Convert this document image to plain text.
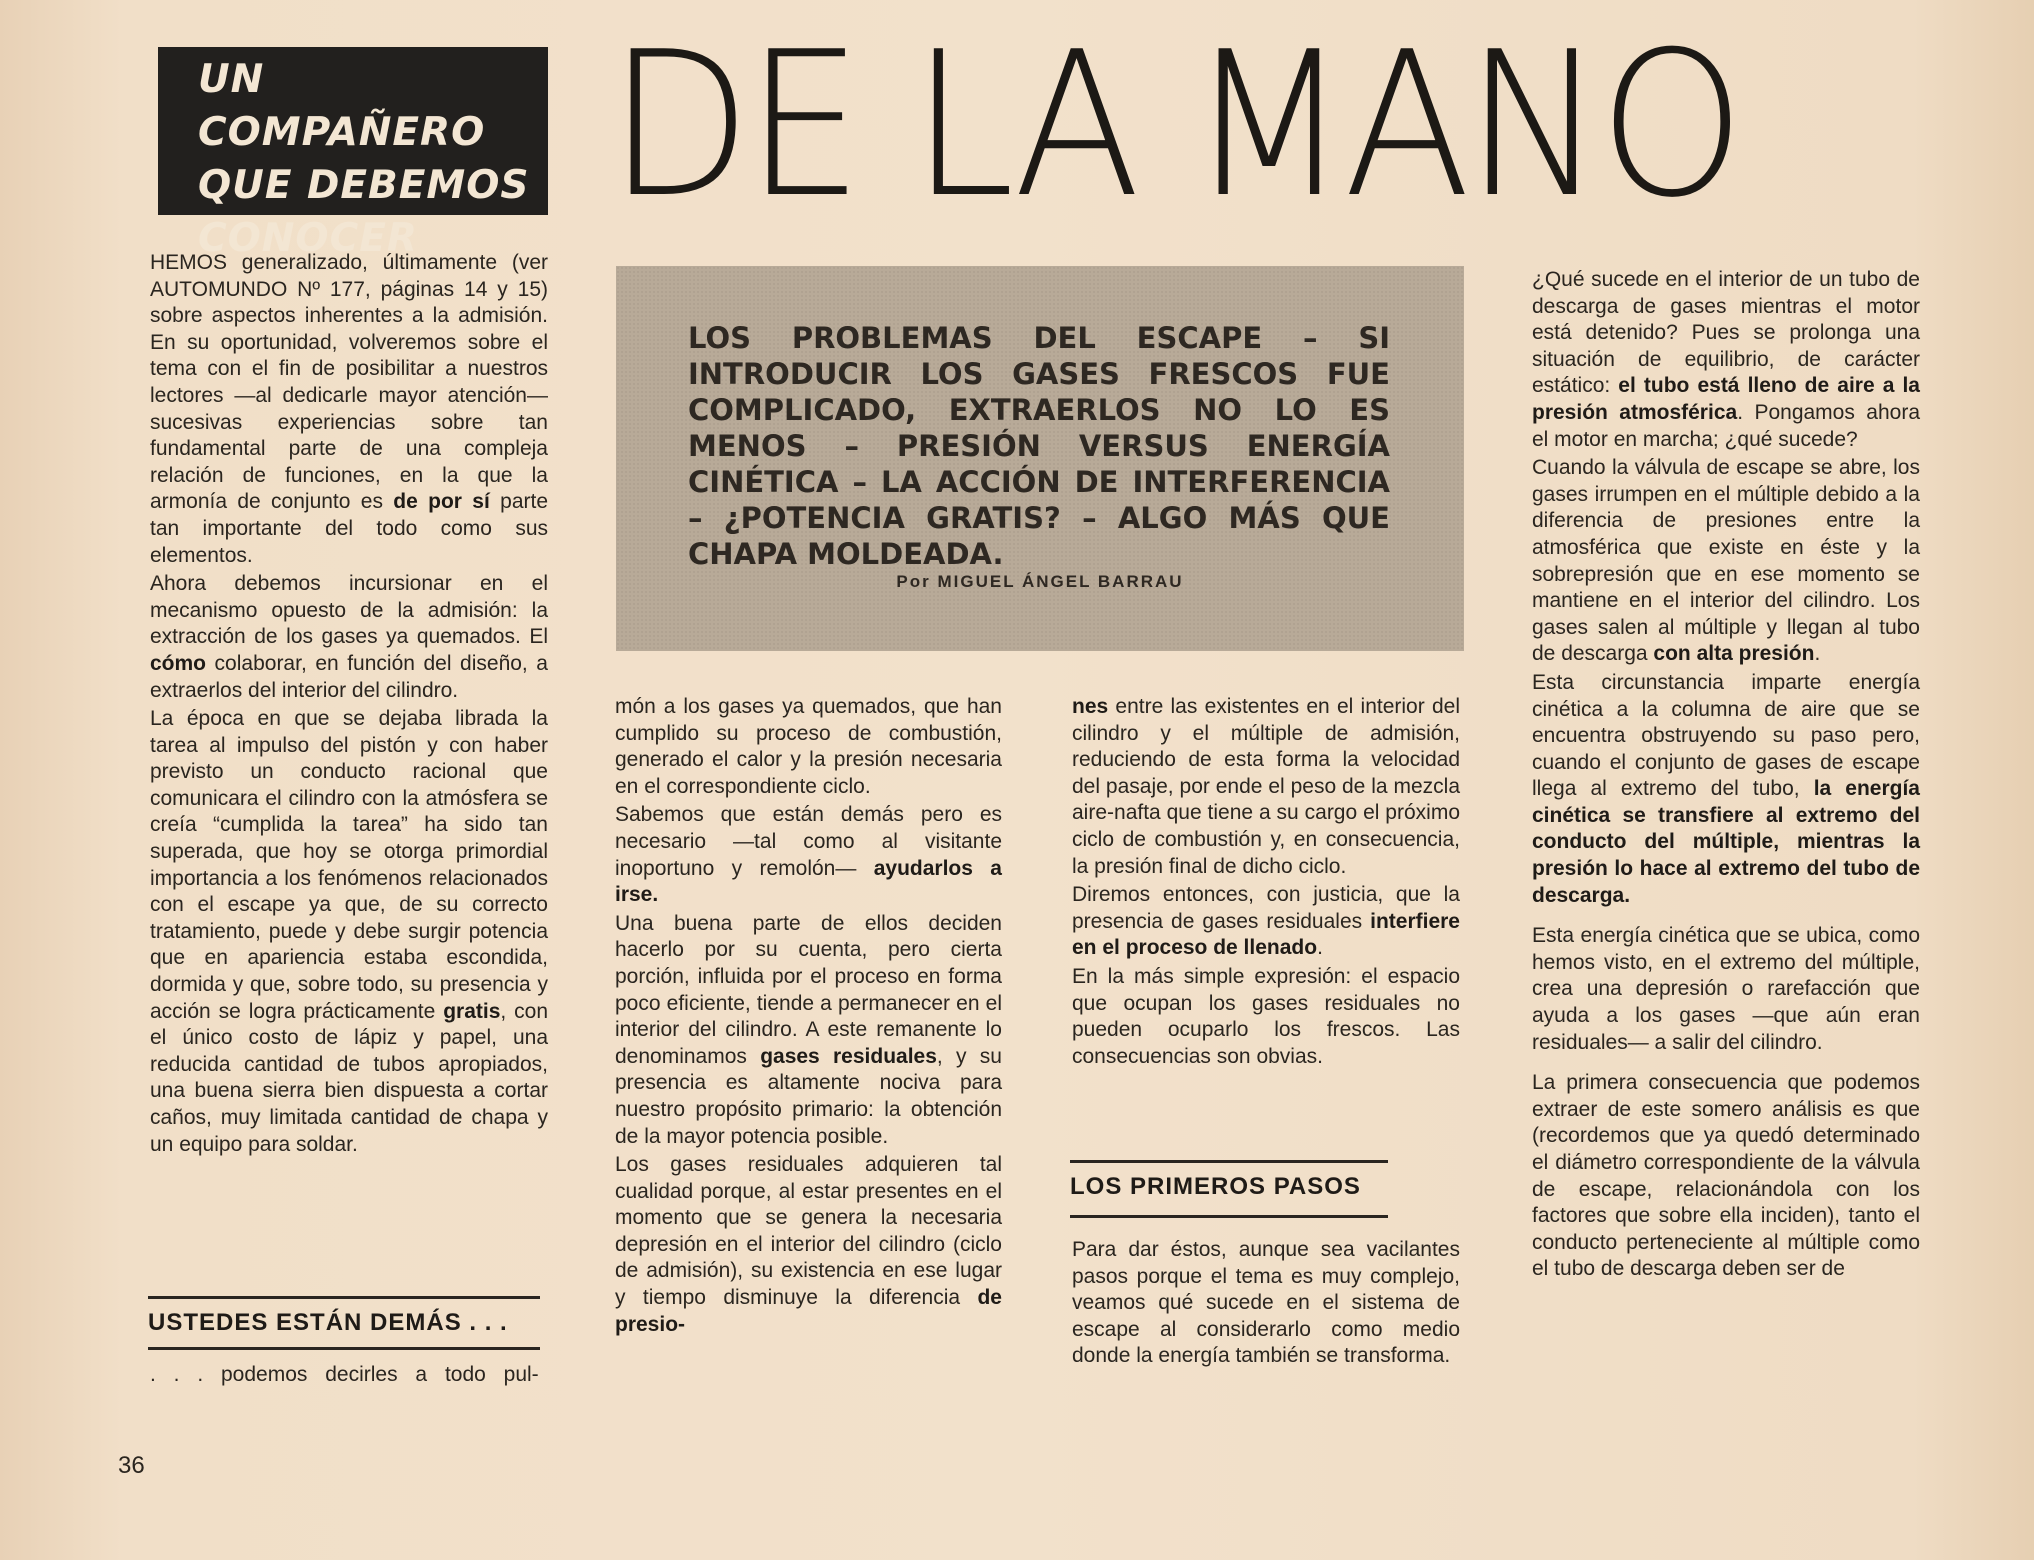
UN COMPAÑERO
QUE DEBEMOS
CONOCER DE LA MANO
LOS PROBLEMAS DEL ESCAPE – SI INTRODUCIR LOS GASES FRESCOS FUE COMPLICADO, EXTRAERLOS NO LO ES MENOS – PRESIÓN VERSUS ENERGÍA CINÉTICA – LA ACCIÓN DE INTERFERENCIA – ¿POTENCIA GRATIS? – ALGO MÁS QUE CHAPA MOLDEADA.
Por MIGUEL ÁNGEL BARRAU

HEMOS generalizado, últimamente (ver AUTOMUNDO Nº 177, páginas 14 y 15) sobre aspectos inherentes a la admisión. En su oportunidad, volveremos sobre el tema con el fin de posibilitar a nuestros lectores —al dedicarle mayor atención— sucesivas experiencias sobre tan fundamental parte de una compleja relación de funciones, en la que la armonía de conjunto es de por sí parte tan importante del todo como sus elementos.

Ahora debemos incursionar en el mecanismo opuesto de la admisión: la extracción de los gases ya quemados. El cómo colaborar, en función del diseño, a extraerlos del interior del cilindro.

La época en que se dejaba librada la tarea al impulso del pistón y con haber previsto un conducto racional que comunicara el cilindro con la atmósfera se creía “cumplida la tarea” ha sido tan superada, que hoy se otorga primordial importancia a los fenómenos relacionados con el escape ya que, de su correcto tratamiento, puede y debe surgir potencia que en apariencia estaba escondida, dormida y que, sobre todo, su presencia y acción se logra prácticamente gratis, con el único costo de lápiz y papel, una reducida cantidad de tubos apropiados, una buena sierra bien dispuesta a cortar caños, muy limitada cantidad de chapa y un equipo para soldar.

USTEDES ESTÁN DEMÁS . . .

. . . podemos decirles a todo pul-

món a los gases ya quemados, que han cumplido su proceso de combustión, generado el calor y la presión necesaria en el correspondiente ciclo.

Sabemos que están demás pero es necesario —tal como al visitante inoportuno y remolón— ayudarlos a irse.

Una buena parte de ellos deciden hacerlo por su cuenta, pero cierta porción, influida por el proceso en forma poco eficiente, tiende a permanecer en el interior del cilindro. A este remanente lo denominamos gases residuales, y su presencia es altamente nociva para nuestro propósito primario: la obtención de la mayor potencia posible.

Los gases residuales adquieren tal cualidad porque, al estar presentes en el momento que se genera la necesaria depresión en el interior del cilindro (ciclo de admisión), su existencia en ese lugar y tiempo disminuye la diferencia de presio-

nes entre las existentes en el interior del cilindro y el múltiple de admisión, reduciendo de esta forma la velocidad del pasaje, por ende el peso de la mezcla aire-nafta que tiene a su cargo el próximo ciclo de combustión y, en consecuencia, la presión final de dicho ciclo.

Diremos entonces, con justicia, que la presencia de gases residuales interfiere en el proceso de llenado.

En la más simple expresión: el espacio que ocupan los gases residuales no pueden ocuparlo los frescos. Las consecuencias son obvias.

LOS PRIMEROS PASOS

Para dar éstos, aunque sea vacilantes pasos porque el tema es muy complejo, veamos qué sucede en el sistema de escape al considerarlo como medio donde la energía también se transforma.

¿Qué sucede en el interior de un tubo de descarga de gases mientras el motor está detenido? Pues se prolonga una situación de equilibrio, de carácter estático: el tubo está lleno de aire a la presión atmosférica. Pongamos ahora el motor en marcha; ¿qué sucede?

Cuando la válvula de escape se abre, los gases irrumpen en el múltiple debido a la diferencia de presiones entre la atmosférica que existe en éste y la sobrepresión que en ese momento se mantiene en el interior del cilindro. Los gases salen al múltiple y llegan al tubo de descarga con alta presión.

Esta circunstancia imparte energía cinética a la columna de aire que se encuentra obstruyendo su paso pero, cuando el conjunto de gases de escape llega al extremo del tubo, la energía cinética se transfiere al extremo del conducto del múltiple, mientras la presión lo hace al extremo del tubo de descarga.

Esta energía cinética que se ubica, como hemos visto, en el extremo del múltiple, crea una depresión o rarefacción que ayuda a los gases —que aún eran residuales— a salir del cilindro.

La primera consecuencia que podemos extraer de este somero análisis es que (recordemos que ya quedó determinado el diámetro correspondiente de la válvula de escape, relacionándola con los factores que sobre ella inciden), tanto el conducto perteneciente al múltiple como el tubo de descarga deben ser de

36
